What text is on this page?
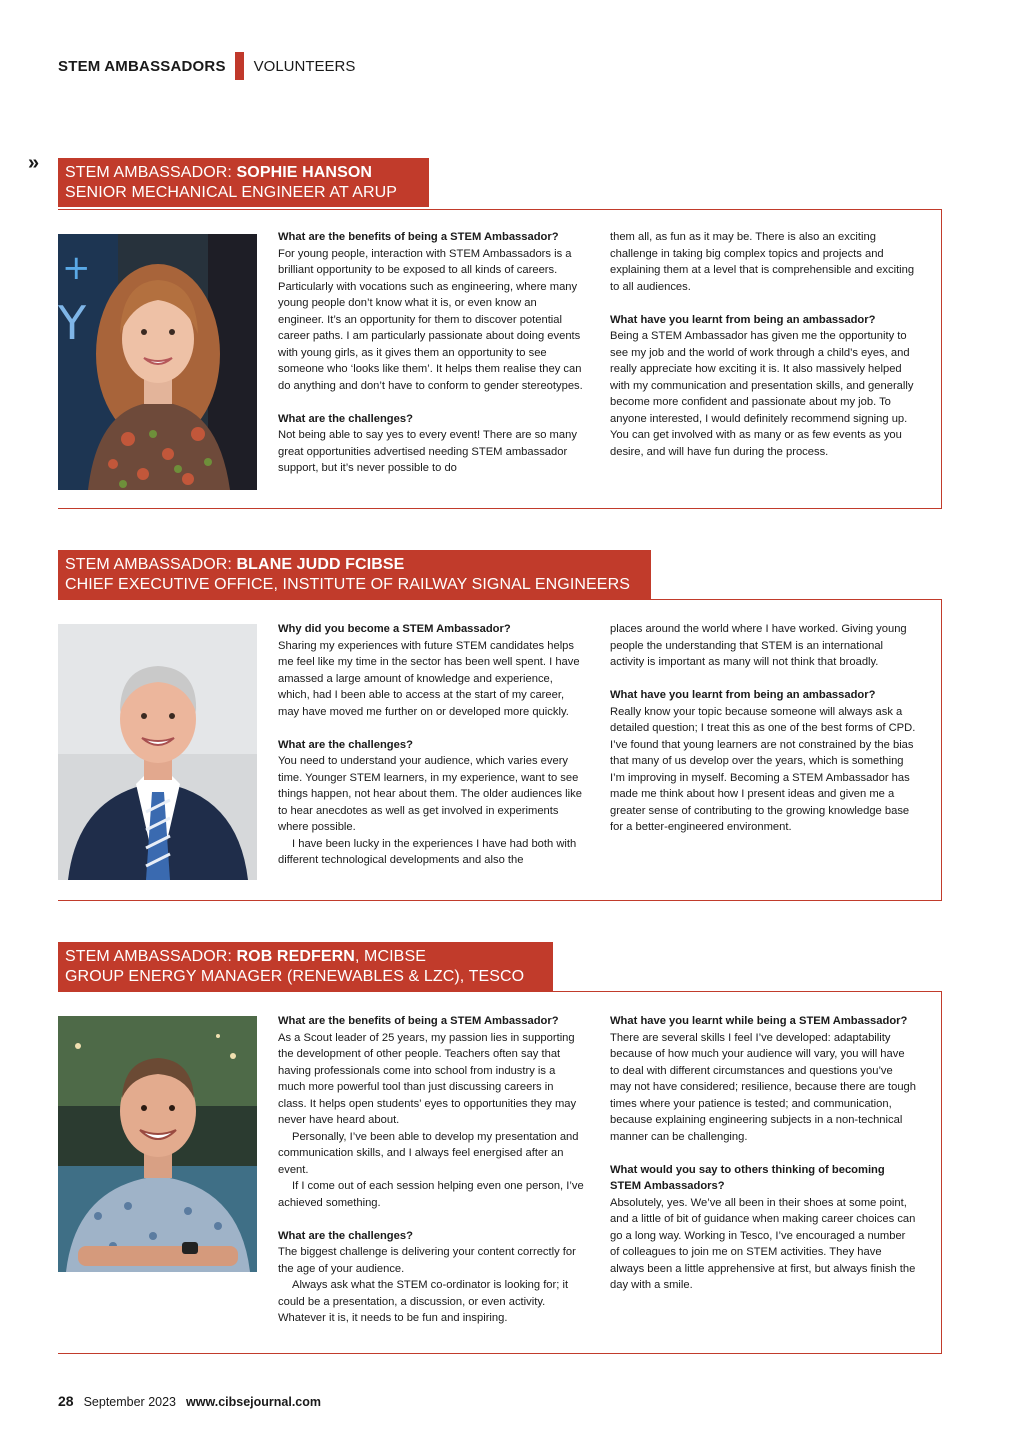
STEM AMBASSADORS VOLUNTEERS
» STEM AMBASSADOR: SOPHIE HANSON
SENIOR MECHANICAL ENGINEER AT ARUP
+
Y

What are the benefits of being a STEM Ambassador?

For young people, interaction with STEM Ambassadors is a brilliant opportunity to be exposed to all kinds of careers. Particularly with vocations such as engineering, where many young people don’t know what it is, or even know an engineer. It’s an opportunity for them to discover potential career paths. I am particularly passionate about doing events with young girls, as it gives them an opportunity to see someone who ‘looks like them’. It helps them realise they can do anything and don’t have to conform to gender stereotypes.

What are the challenges?

Not being able to say yes to every event! There are so many great opportunities advertised needing STEM ambassador support, but it’s never possible to do

them all, as fun as it may be. There is also an exciting challenge in taking big complex topics and projects and explaining them at a level that is comprehensible and exciting to all audiences.

What have you learnt from being an ambassador?

Being a STEM Ambassador has given me the opportunity to see my job and the world of work through a child’s eyes, and really appreciate how exciting it is. It also massively helped with my communication and presentation skills, and generally become more confident and passionate about my job. To anyone interested, I would definitely recommend signing up. You can get involved with as many or as few events as you desire, and will have fun during the process.

STEM AMBASSADOR: BLANE JUDD FCIBSE
CHIEF EXECUTIVE OFFICE, INSTITUTE OF RAILWAY SIGNAL ENGINEERS

Why did you become a STEM Ambassador?

Sharing my experiences with future STEM candidates helps me feel like my time in the sector has been well spent. I have amassed a large amount of knowledge and experience, which, had I been able to access at the start of my career, may have moved me further on or developed more quickly.

What are the challenges?

You need to understand your audience, which varies every time. Younger STEM learners, in my experience, want to see things happen, not hear about them. The older audiences like to hear anecdotes as well as get involved in experiments where possible.

I have been lucky in the experiences I have had both with different technological developments and also the

places around the world where I have worked. Giving young people the understanding that STEM is an international activity is important as many will not think that broadly.

What have you learnt from being an ambassador?

Really know your topic because someone will always ask a detailed question; I treat this as one of the best forms of CPD. I’ve found that young learners are not constrained by the bias that many of us develop over the years, which is something I’m improving in myself. Becoming a STEM Ambassador has made me think about how I present ideas and given me a greater sense of contributing to the growing knowledge base for a better-engineered environment.

STEM AMBASSADOR: ROB REDFERN, MCIBSE
GROUP ENERGY MANAGER (RENEWABLES & LZC), TESCO

What are the benefits of being a STEM Ambassador?

As a Scout leader of 25 years, my passion lies in supporting the development of other people. Teachers often say that having professionals come into school from industry is a much more powerful tool than just discussing careers in class. It helps open students’ eyes to opportunities they may never have heard about.

Personally, I’ve been able to develop my presentation and communication skills, and I always feel energised after an event.

If I come out of each session helping even one person, I’ve achieved something.

What are the challenges?

The biggest challenge is delivering your content correctly for the age of your audience.

Always ask what the STEM co-ordinator is looking for; it could be a presentation, a discussion, or even activity. Whatever it is, it needs to be fun and inspiring.

What have you learnt while being a STEM Ambassador?

There are several skills I feel I’ve developed: adaptability because of how much your audience will vary, you will have to deal with different circumstances and questions you’ve may not have considered; resilience, because there are tough times where your patience is tested; and communication, because explaining engineering subjects in a non-technical manner can be challenging.

What would you say to others thinking of becoming STEM Ambassadors?

Absolutely, yes. We’ve all been in their shoes at some point, and a little of bit of guidance when making career choices can go a long way. Working in Tesco, I’ve encouraged a number of colleagues to join me on STEM activities. They have always been a little apprehensive at first, but always finish the day with a smile.

28 September 2023 www.cibsejournal.com
